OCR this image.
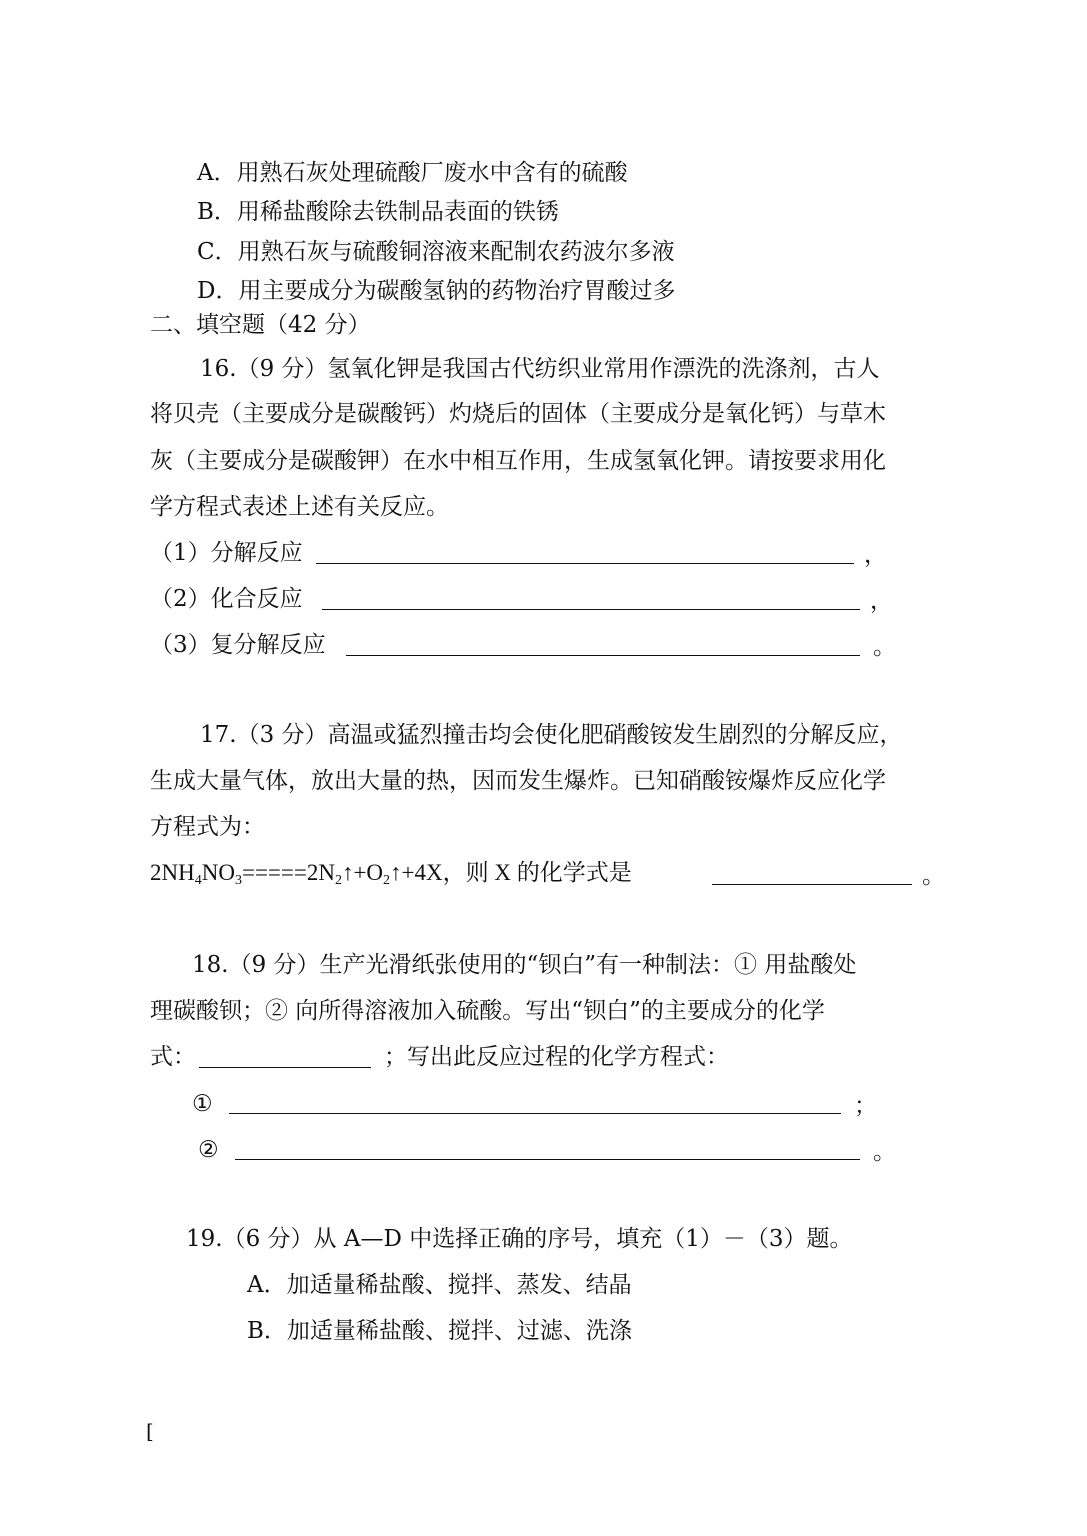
A．用熟石灰处理硫酸厂废水中含有的硫酸
B．用稀盐酸除去铁制品表面的铁锈
C．用熟石灰与硫酸铜溶液来配制农药波尔多液
D．用主要成分为碳酸氢钠的药物治疗胃酸过多
二、填空题（42 分）
16.（9 分）氢氧化钾是我国古代纺织业常用作漂洗的洗涤剂，古人
将贝壳（主要成分是碳酸钙）灼烧后的固体（主要成分是氧化钙）与草木
灰（主要成分是碳酸钾）在水中相互作用，生成氢氧化钾。请按要求用化
学方程式表述上述有关反应。
（1）分解反应	，
（2）化合反应	，
（3）复分解反应	。
17.（3 分）高温或猛烈撞击均会使化肥硝酸铵发生剧烈的分解反应，
生成大量气体，放出大量的热，因而发生爆炸。已知硝酸铵爆炸反应化学
方程式为：
$2NH_4NO_3=====2N_2↑+O_2↑+4X$，则 X 的化学式是	。
18.（9 分）生产光滑纸张使用的“钡白”有一种制法：① 用盐酸处
理碳酸钡；② 向所得溶液加入硫酸。写出“钡白”的主要成分的化学
式：	；写出此反应过程的化学方程式：
①	；
②	。
19.（6 分）从 A—D 中选择正确的序号，填充（1）－（3）题。
A．加适量稀盐酸、搅拌、蒸发、结晶
B．加适量稀盐酸、搅拌、过滤、洗涤
[
